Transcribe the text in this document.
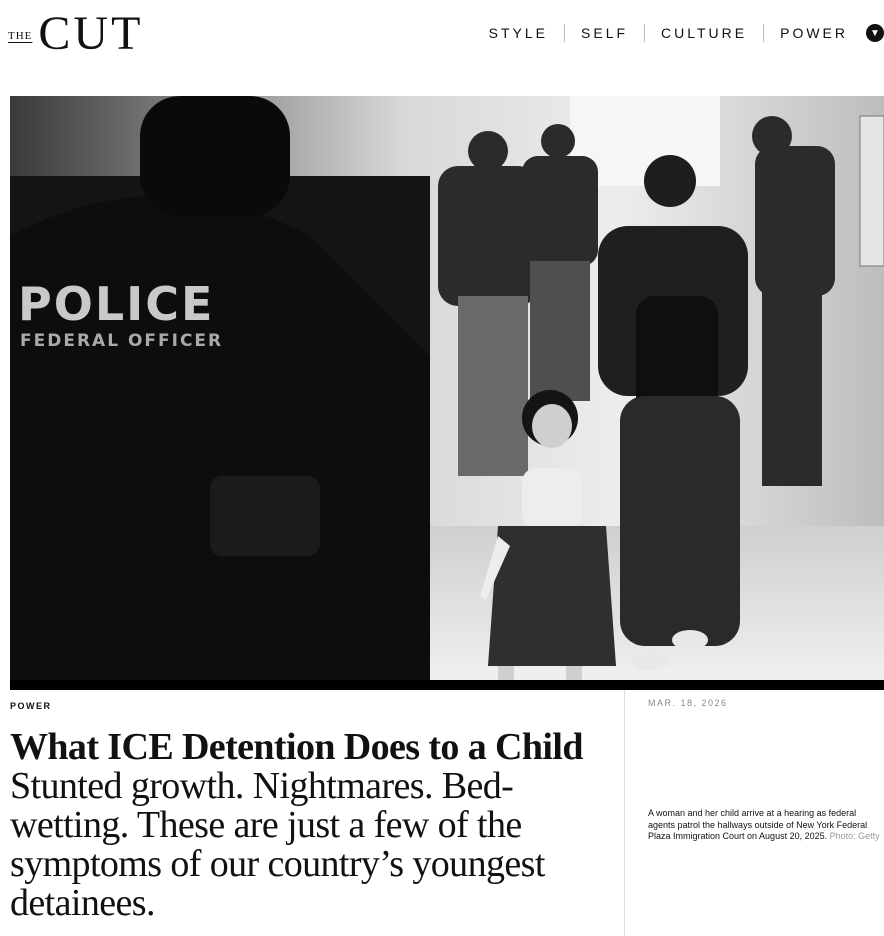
THE CUT	STYLE	SELF	CULTURE	POWER	▼
POLICE
FEDERAL OFFICER
POWER
What ICE Detention Does to a Child Stunted growth. Nightmares. Bed-wetting. These are just a few of the symptoms of our country’s youngest detainees.
MAR. 18, 2026
A woman and her child arrive at a hearing as federal agents patrol the hallways outside of New York Federal Plaza Immigration Court on August 20, 2025. Photo: Getty
